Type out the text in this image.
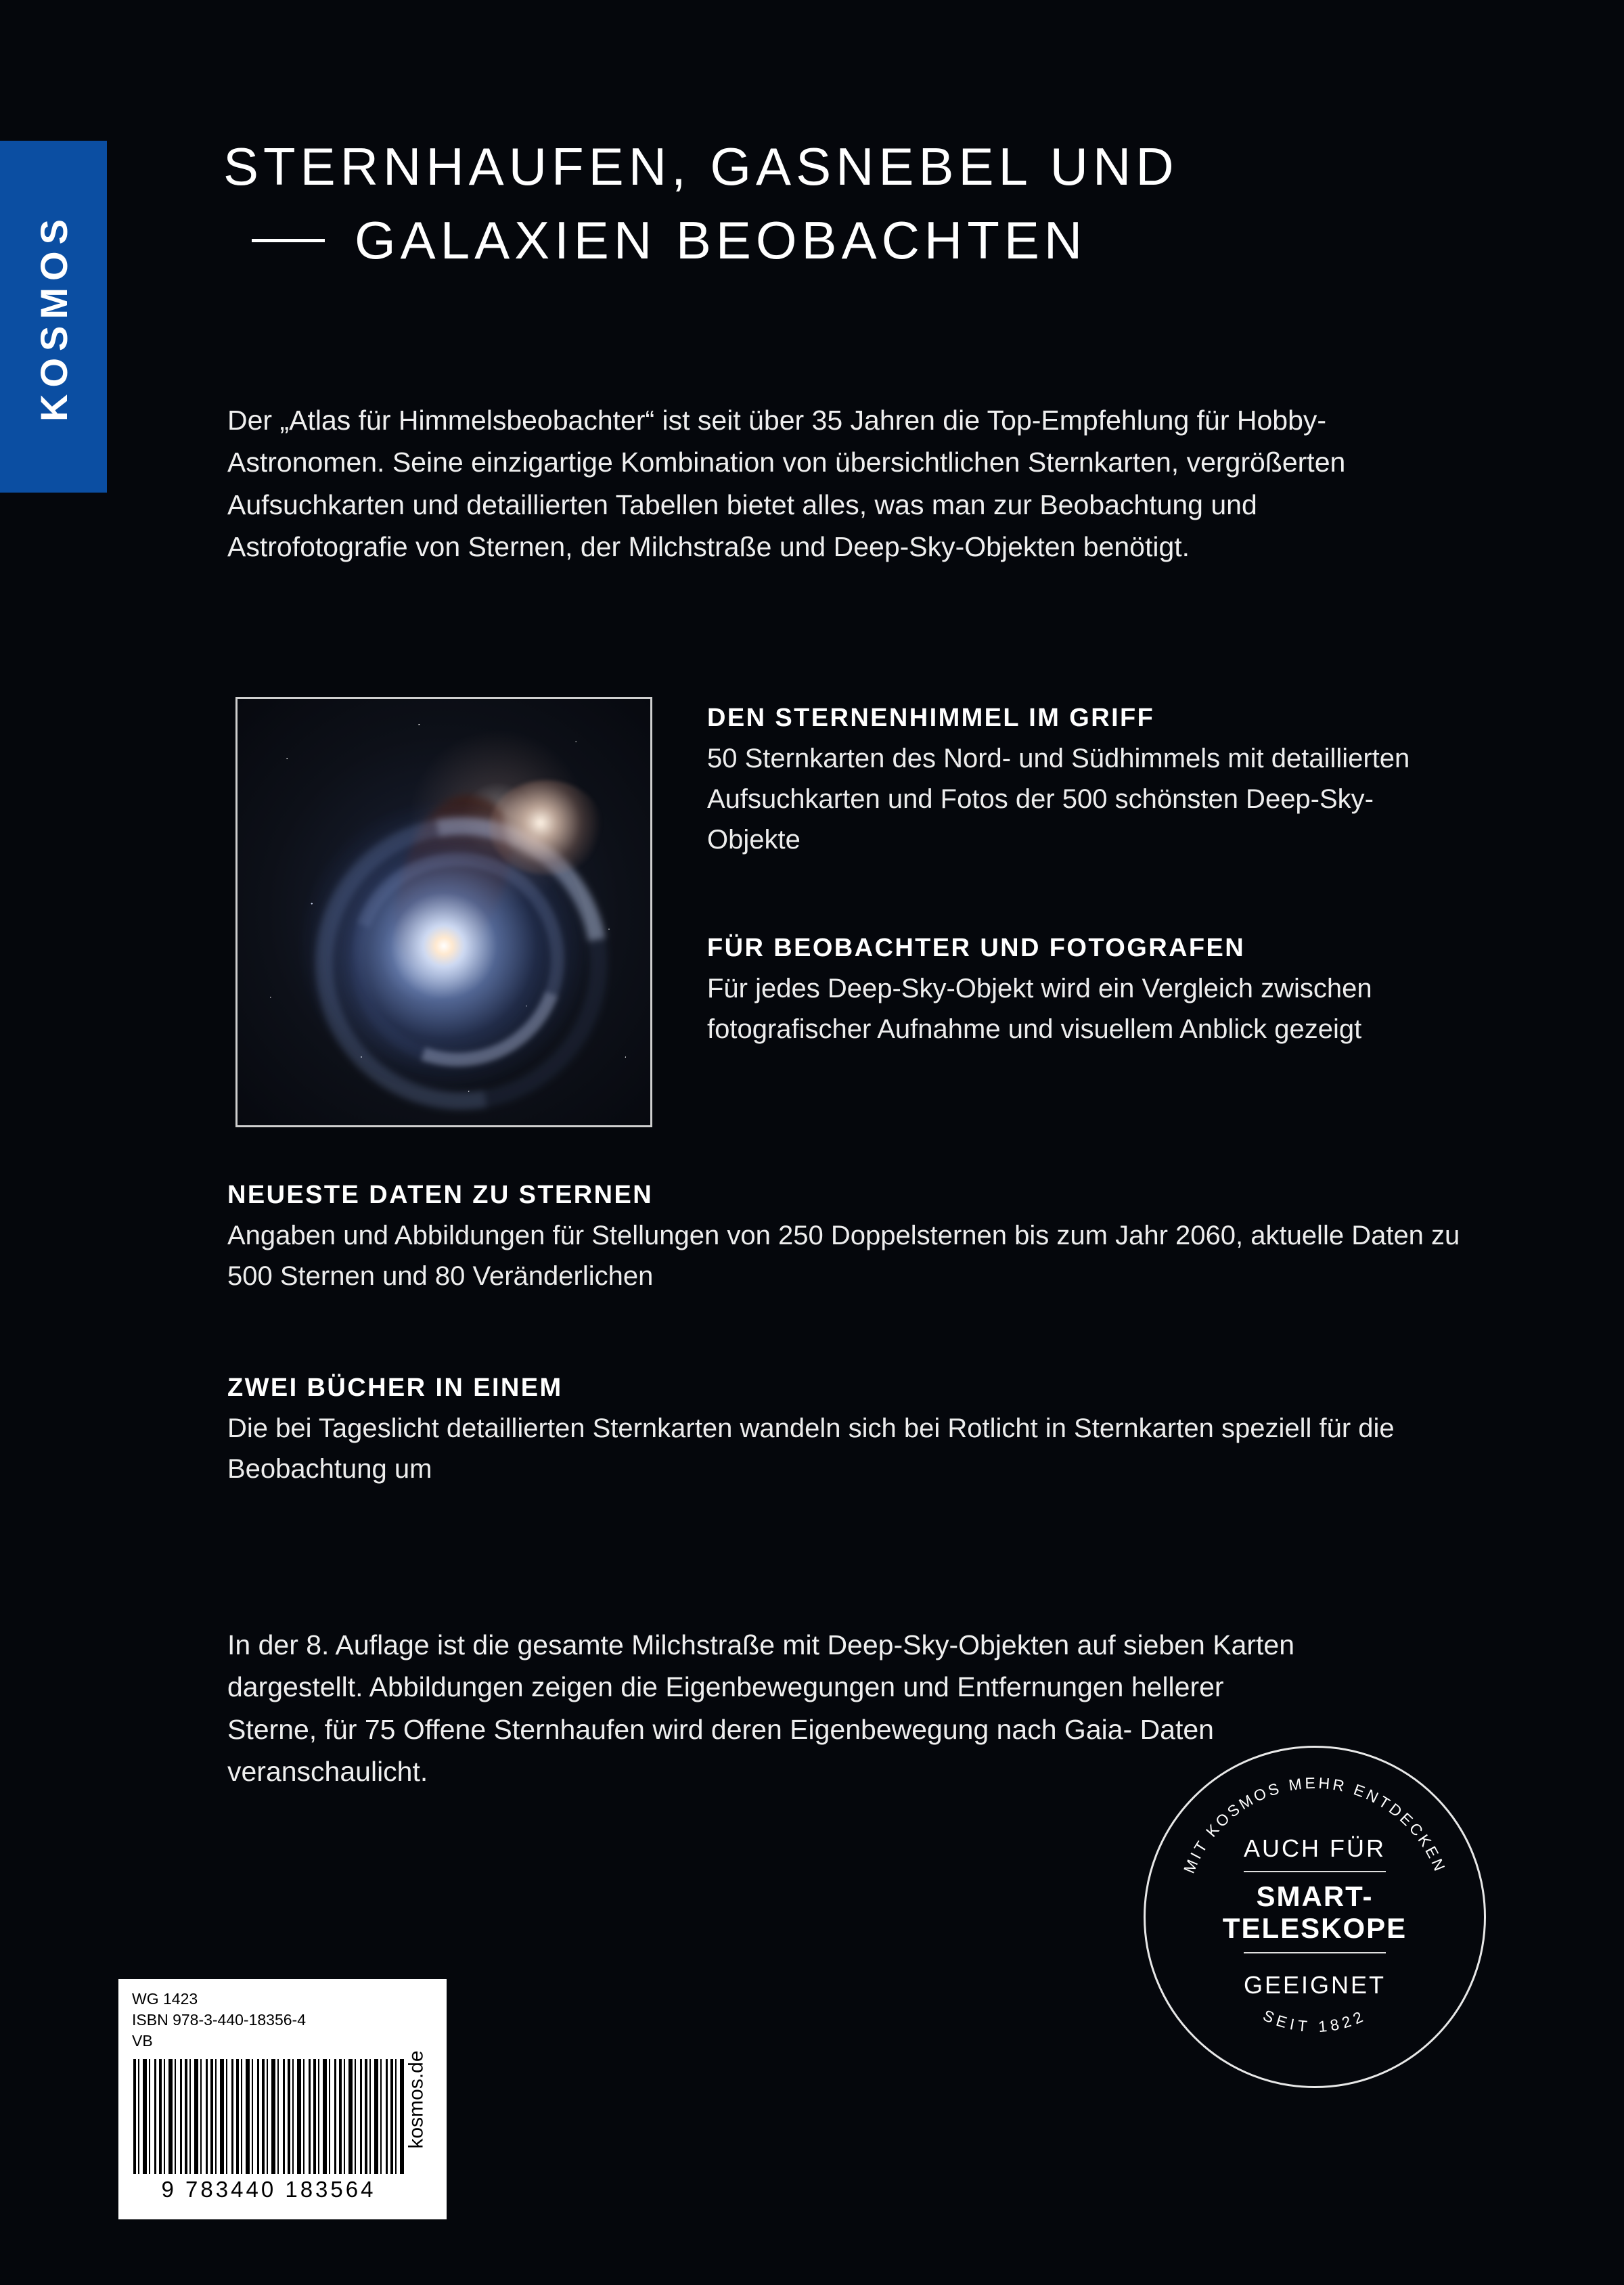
KOSMOS
STERNHAUFEN, GASNEBEL UND
GALAXIEN BEOBACHTEN
Der „Atlas für Himmelsbeobachter“ ist seit über 35 Jahren die Top-Empfehlung für Hobby-Astronomen. Seine einzigartige Kombination von übersichtlichen Sternkarten, vergrößerten Aufsuchkarten und detaillierten Tabellen bietet alles, was man zur Beobachtung und Astrofotografie von Sternen, der Milchstraße und Deep-Sky-Objekten benötigt.
DEN STERNENHIMMEL IM GRIFF

50 Sternkarten des Nord- und Südhimmels mit detaillierten Aufsuchkarten und Fotos der 500 schönsten Deep-Sky-Objekte

FÜR BEOBACHTER UND FOTOGRAFEN

Für jedes Deep-Sky-Objekt wird ein Vergleich zwischen fotografischer Aufnahme und visuellem Anblick gezeigt

NEUESTE DATEN ZU STERNEN

Angaben und Abbildungen für Stellungen von 250 Doppelsternen bis zum Jahr 2060, aktuelle Daten zu 500 Sternen und 80 Veränderlichen

ZWEI BÜCHER IN EINEM

Die bei Tageslicht detaillierten Sternkarten wandeln sich bei Rotlicht in Sternkarten speziell für die Beobachtung um

In der 8. Auflage ist die gesamte Milchstraße mit Deep-Sky-Objekten auf sieben Karten dargestellt. Abbildungen zeigen die Eigenbewegungen und Entfernungen hellerer Sterne, für 75 Offene Sternhaufen wird deren Eigenbewegung nach Gaia- Daten veranschaulicht.
MIT KOSMOS MEHR ENTDECKEN
SEIT 1822
AUCH FÜR
SMART-
TELESKOPE
GEEIGNET
WG 1423
ISBN 978-3-440-18356-4
VB
9 783440 183564
kosmos.de
